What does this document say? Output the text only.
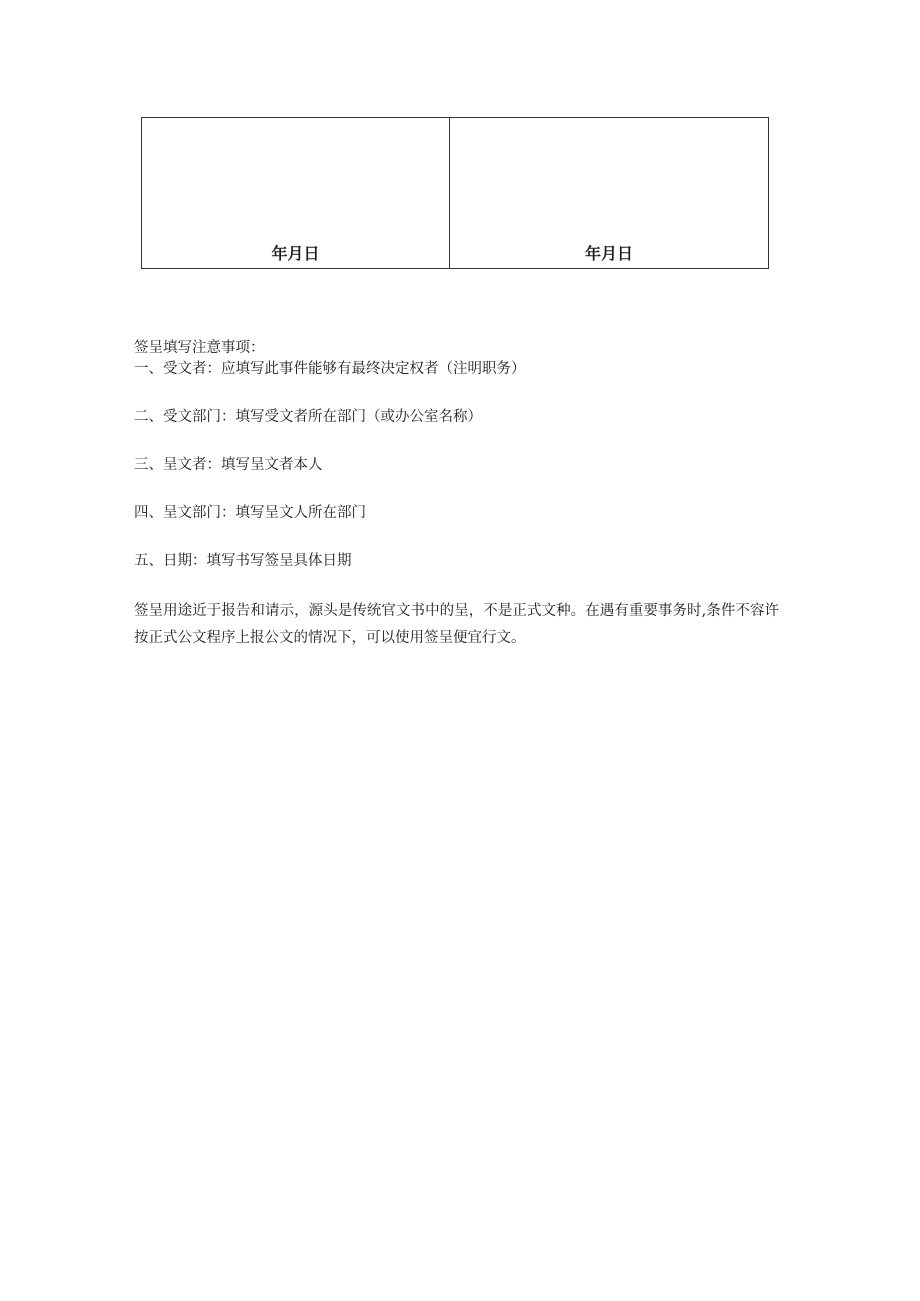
年月日	年月日

签呈填写注意事项：

一、受文者：应填写此事件能够有最终决定权者（注明职务）

二、受文部门：填写受文者所在部门（或办公室名称）

三、呈文者：填写呈文者本人

四、呈文部门：填写呈文人所在部门

五、日期：填写书写签呈具体日期

签呈用途近于报告和请示，源头是传统官文书中的呈，不是正式文种。在遇有重要事务时,条件不容许按正式公文程序上报公文的情况下，可以使用签呈便宜行文。
